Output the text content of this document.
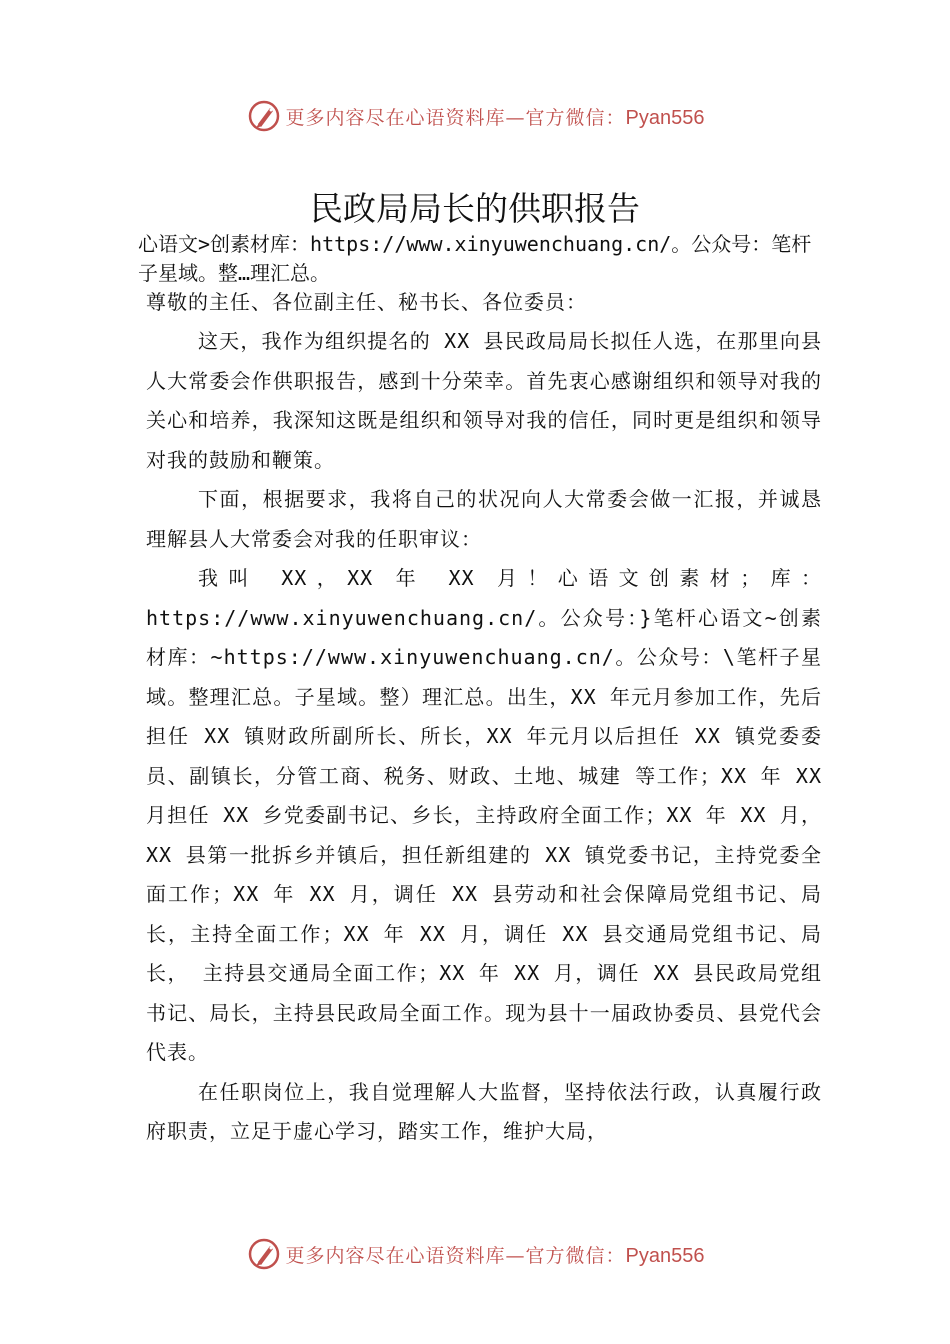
更多内容尽在心语资料库—官方微信：Pyan556
民政局局长的供职报告
心语文>创素材库：https://www.xinyuwenchuang.cn/。公众号：笔杆子星域。整…理汇总。
尊敬的主任、各位副主任、秘书长、各位委员：

这天，我作为组织提名的 XX 县民政局局长拟任人选，在那里向县人大常委会作供职报告，感到十分荣幸。首先衷心感谢组织和领导对我的关心和培养，我深知这既是组织和领导对我的信任，同时更是组织和领导对我的鼓励和鞭策。

下面，根据要求，我将自己的状况向人大常委会做一汇报，并诚恳理解县人大常委会对我的任职审议：

我叫 XX，XX 年 XX 月！心语文创素材；库：https://www.xinyuwenchuang.cn/。公众号：}笔杆心语文~创素材库：~https://www.xinyuwenchuang.cn/。公众号：\笔杆子星域。整理汇总。子星域。整）理汇总。出生，XX 年元月参加工作，先后担任 XX 镇财政所副所长、所长，XX 年元月以后担任 XX 镇党委委员、副镇长，分管工商、税务、财政、土地、城建 等工作；XX 年 XX 月担任 XX 乡党委副书记、乡长，主持政府全面工作；XX 年 XX 月，XX 县第一批拆乡并镇后，担任新组建的 XX 镇党委书记，主持党委全面工作；XX 年 XX 月，调任 XX 县劳动和社会保障局党组书记、局长，主持全面工作；XX 年 XX 月，调任 XX 县交通局党组书记、局长， 主持县交通局全面工作；XX 年 XX 月，调任 XX 县民政局党组书记、局长，主持县民政局全面工作。现为县十一届政协委员、县党代会代表。

在任职岗位上，我自觉理解人大监督，坚持依法行政，认真履行政府职责，立足于虚心学习，踏实工作，维护大局，

更多内容尽在心语资料库—官方微信：Pyan556
